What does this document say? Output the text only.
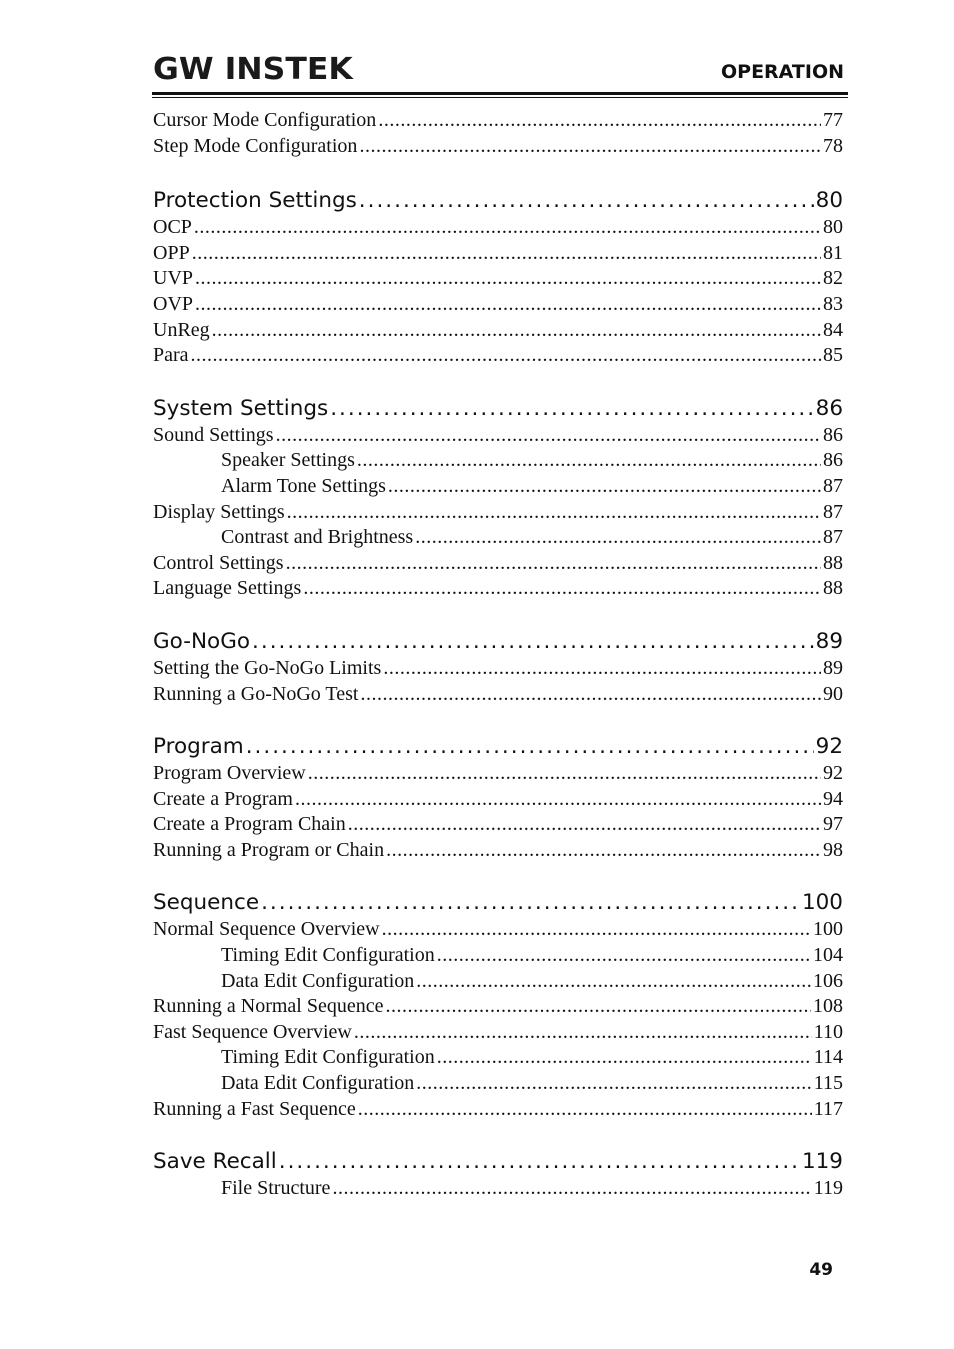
GW INSTEK	OPERATION
Cursor Mode Configuration .....	77
Step Mode Configuration .....	78
Protection Settings .....	80
OCP .....	80
OPP .....	81
UVP .....	82
OVP .....	83
UnReg .....	84
Para .....	85
System Settings .....	86
Sound Settings .....	86
Speaker Settings .....	86
Alarm Tone Settings .....	87
Display Settings .....	87
Contrast and Brightness .....	87
Control Settings .....	88
Language Settings .....	88
Go-NoGo .....	89
Setting the Go-NoGo Limits .....	89
Running a Go-NoGo Test .....	90
Program .....	92
Program Overview .....	92
Create a Program .....	94
Create a Program Chain .....	97
Running a Program or Chain .....	98
Sequence .....	100
Normal Sequence Overview .....	100
Timing Edit Configuration .....	104
Data Edit Configuration .....	106
Running a Normal Sequence .....	108
Fast Sequence Overview .....	110
Timing Edit Configuration .....	114
Data Edit Configuration .....	115
Running a Fast Sequence .....	117
Save Recall .....	119
File Structure .....	119
49
